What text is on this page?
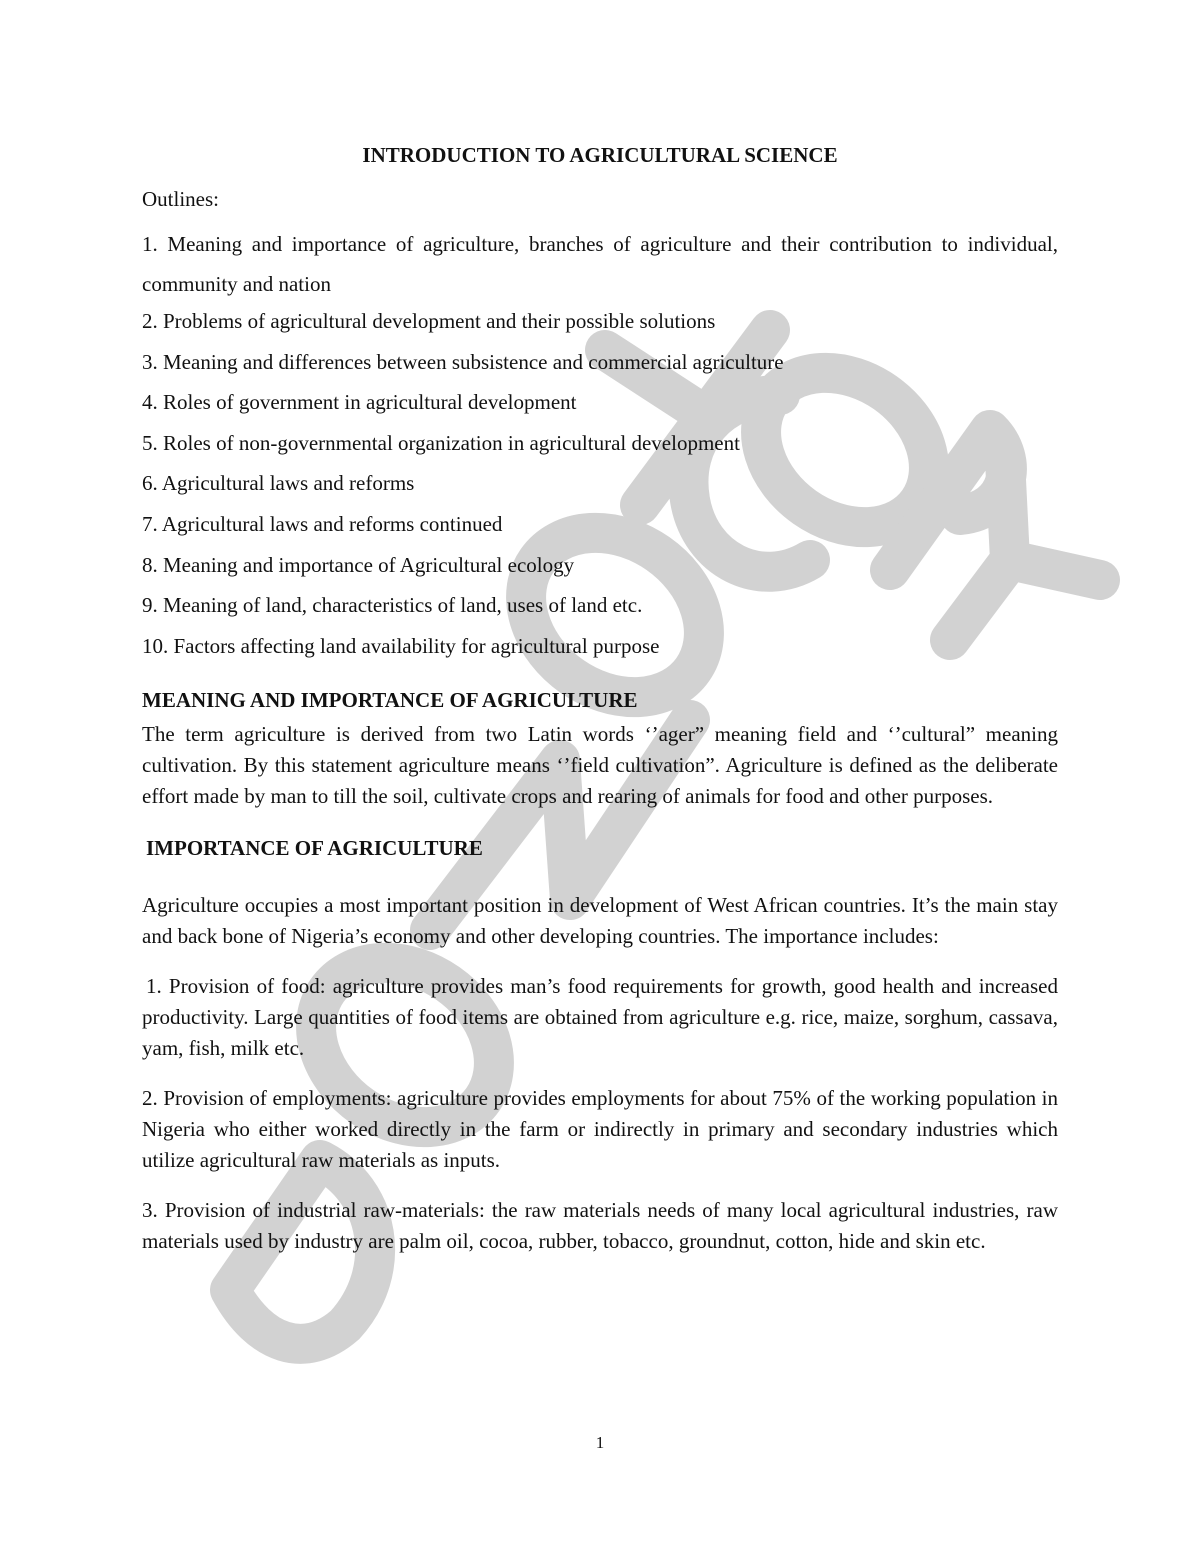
INTRODUCTION TO AGRICULTURAL SCIENCE
Outlines:
1. Meaning and importance of agriculture, branches of agriculture and their contribution to individual, community and nation
2. Problems of agricultural development and their possible solutions
3. Meaning and differences between subsistence and commercial agriculture
4. Roles of government in agricultural development
5. Roles of non-governmental organization in agricultural development
6. Agricultural laws and reforms
7. Agricultural laws and reforms continued
8. Meaning and importance of Agricultural ecology
9. Meaning of land, characteristics of land, uses of land etc.
10. Factors affecting land availability for agricultural purpose
MEANING AND IMPORTANCE OF AGRICULTURE

The term agriculture is derived from two Latin words ‘’ager” meaning field and ‘’cultural” meaning cultivation. By this statement agriculture means ‘’field cultivation”. Agriculture is defined as the deliberate effort made by man to till the soil, cultivate crops and rearing of animals for food and other purposes.

IMPORTANCE OF AGRICULTURE

Agriculture occupies a most important position in development of West African countries. It’s the main stay and back bone of Nigeria’s economy and other developing countries. The importance includes:

1. Provision of food: agriculture provides man’s food requirements for growth, good health and increased productivity. Large quantities of food items are obtained from agriculture e.g. rice, maize, sorghum, cassava, yam, fish, milk etc.

2. Provision of employments: agriculture provides employments for about 75% of the working population in Nigeria who either worked directly in the farm or indirectly in primary and secondary industries which utilize agricultural raw materials as inputs.

3. Provision of industrial raw-materials: the raw materials needs of many local agricultural industries, raw materials used by industry are palm oil, cocoa, rubber, tobacco, groundnut, cotton, hide and skin etc.

1
